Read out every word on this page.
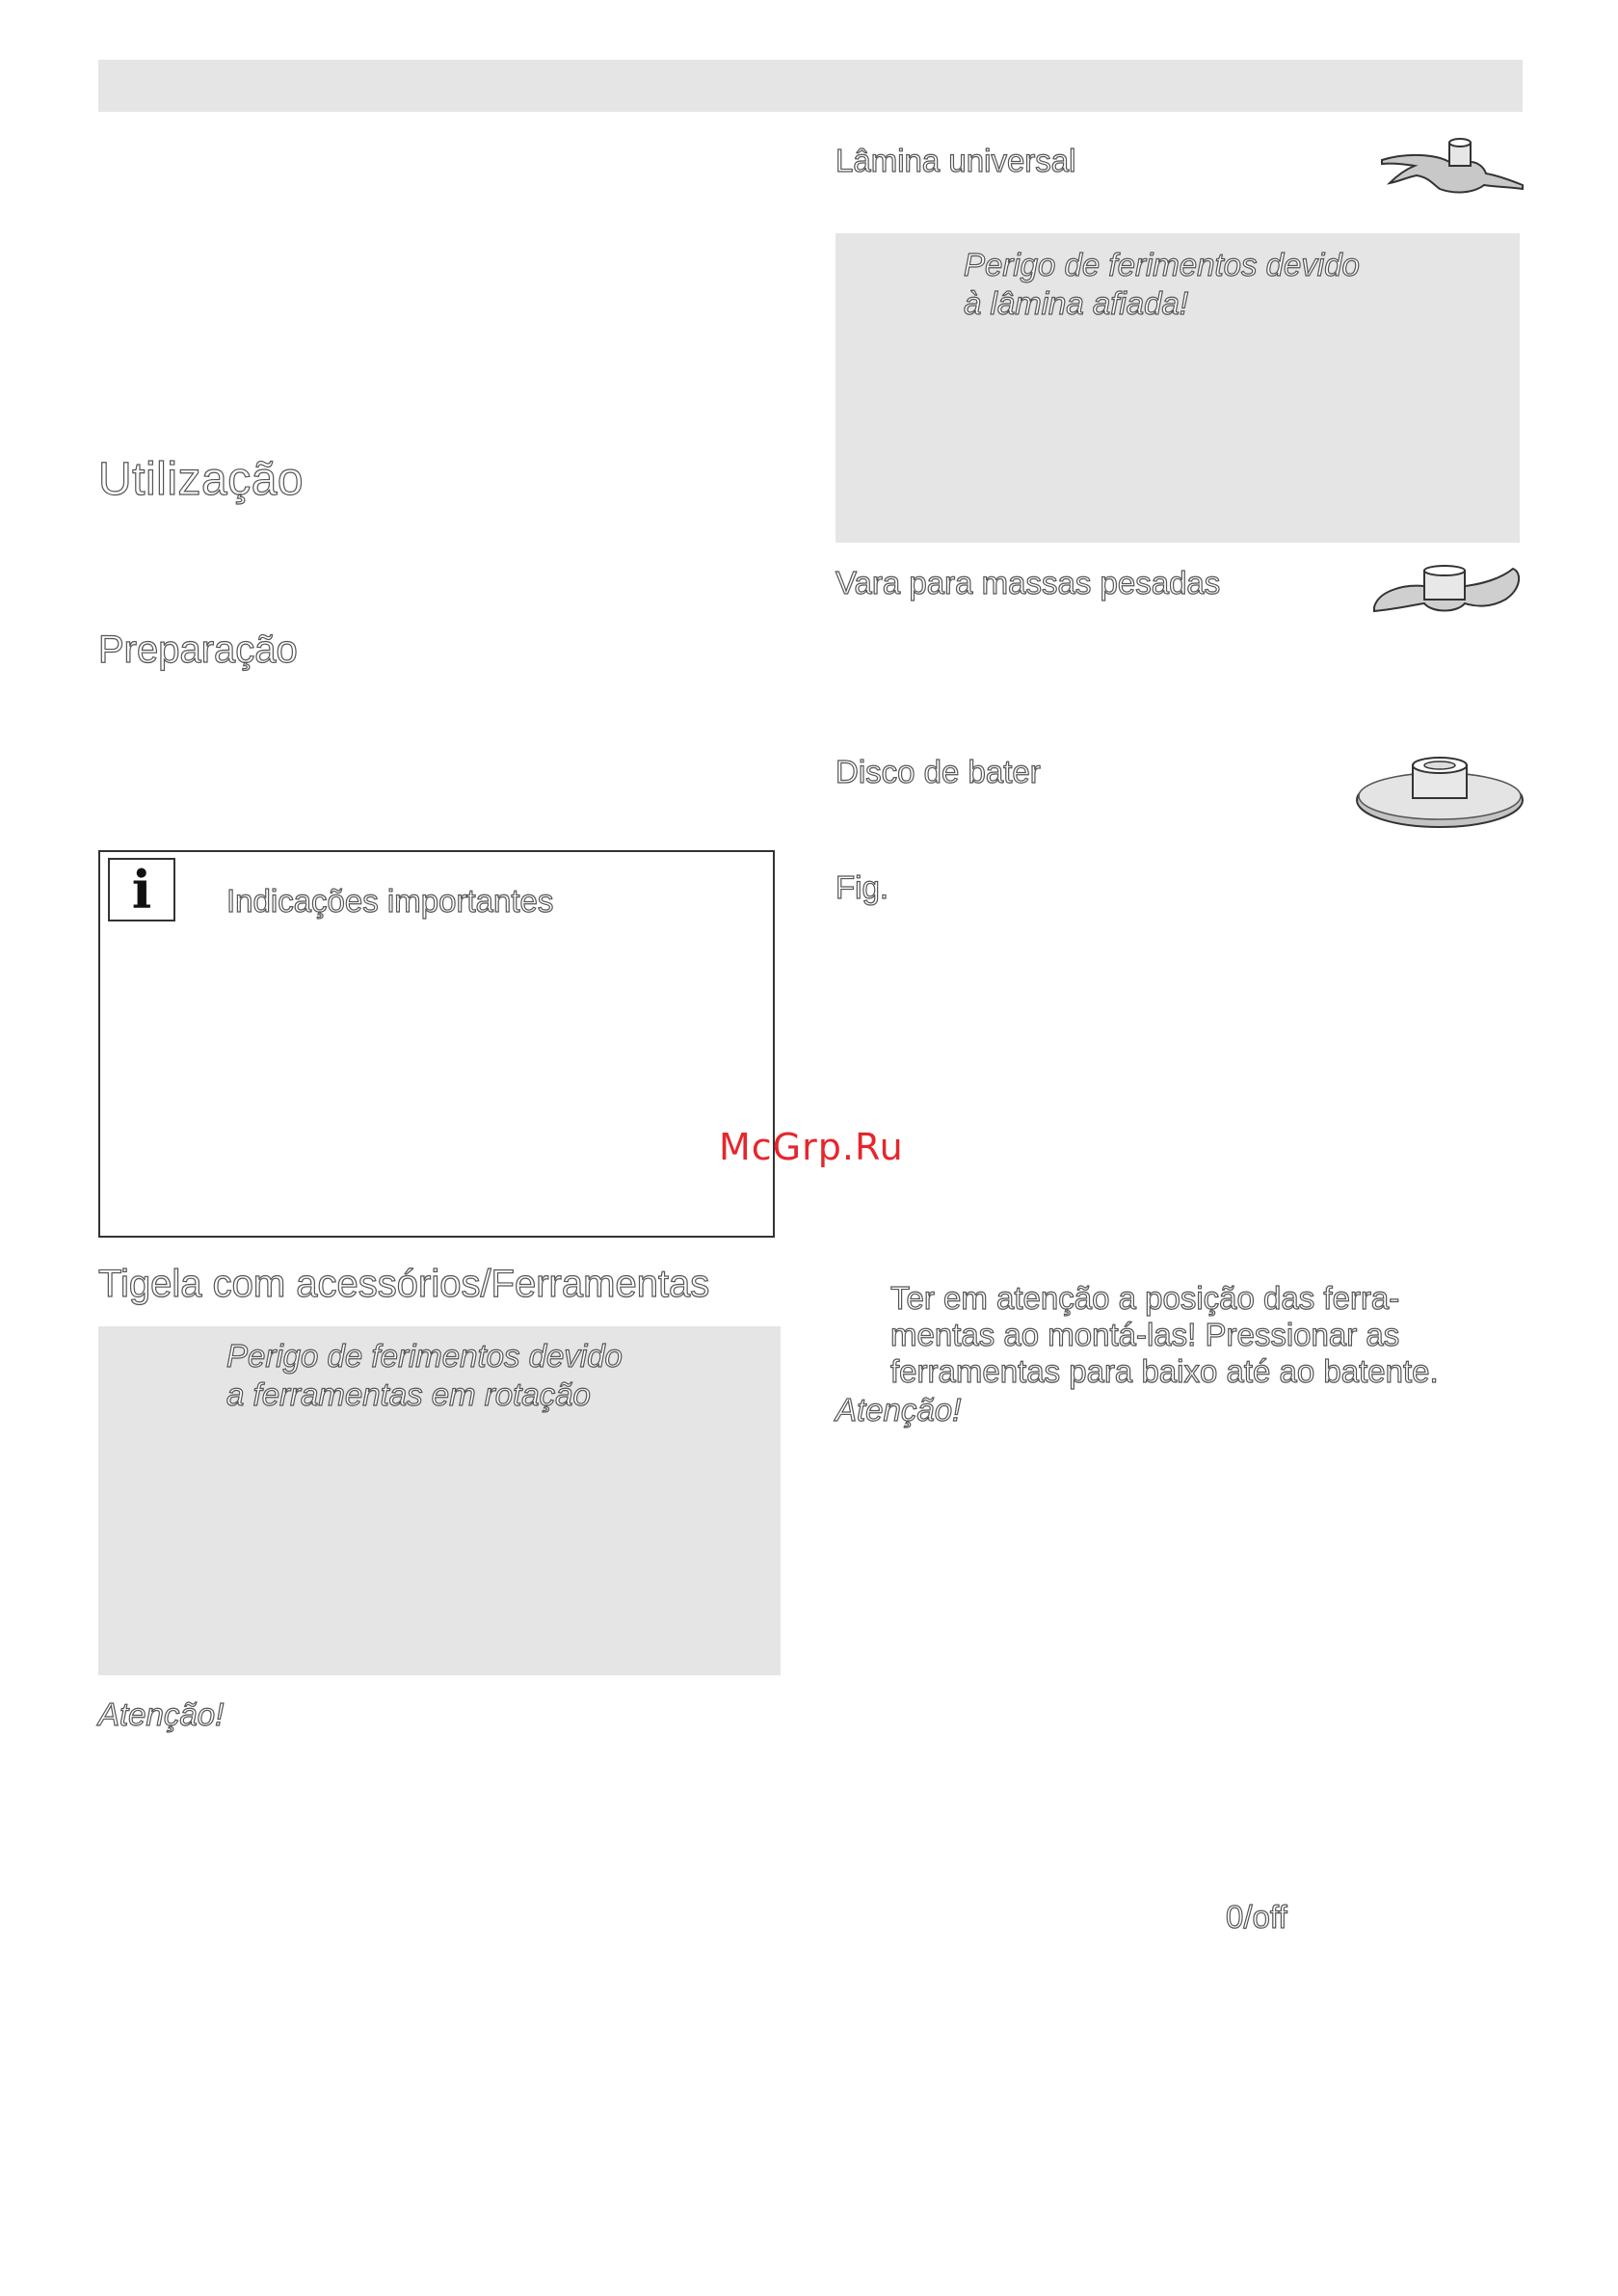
Utilização
Preparação
i	Indicações importantes
McGrp.Ru
Tigela com acessórios/Ferramentas
Perigo de ferimentos devido
a ferramentas em rotação
Atenção!
Lâmina universal
Perigo de ferimentos devido
à lâmina afiada!
Vara para massas pesadas
Disco de bater
Fig.
Ter em atenção a posição das ferra-
mentas ao montá-las! Pressionar as
ferramentas para baixo até ao batente.
Atenção!
0/off
